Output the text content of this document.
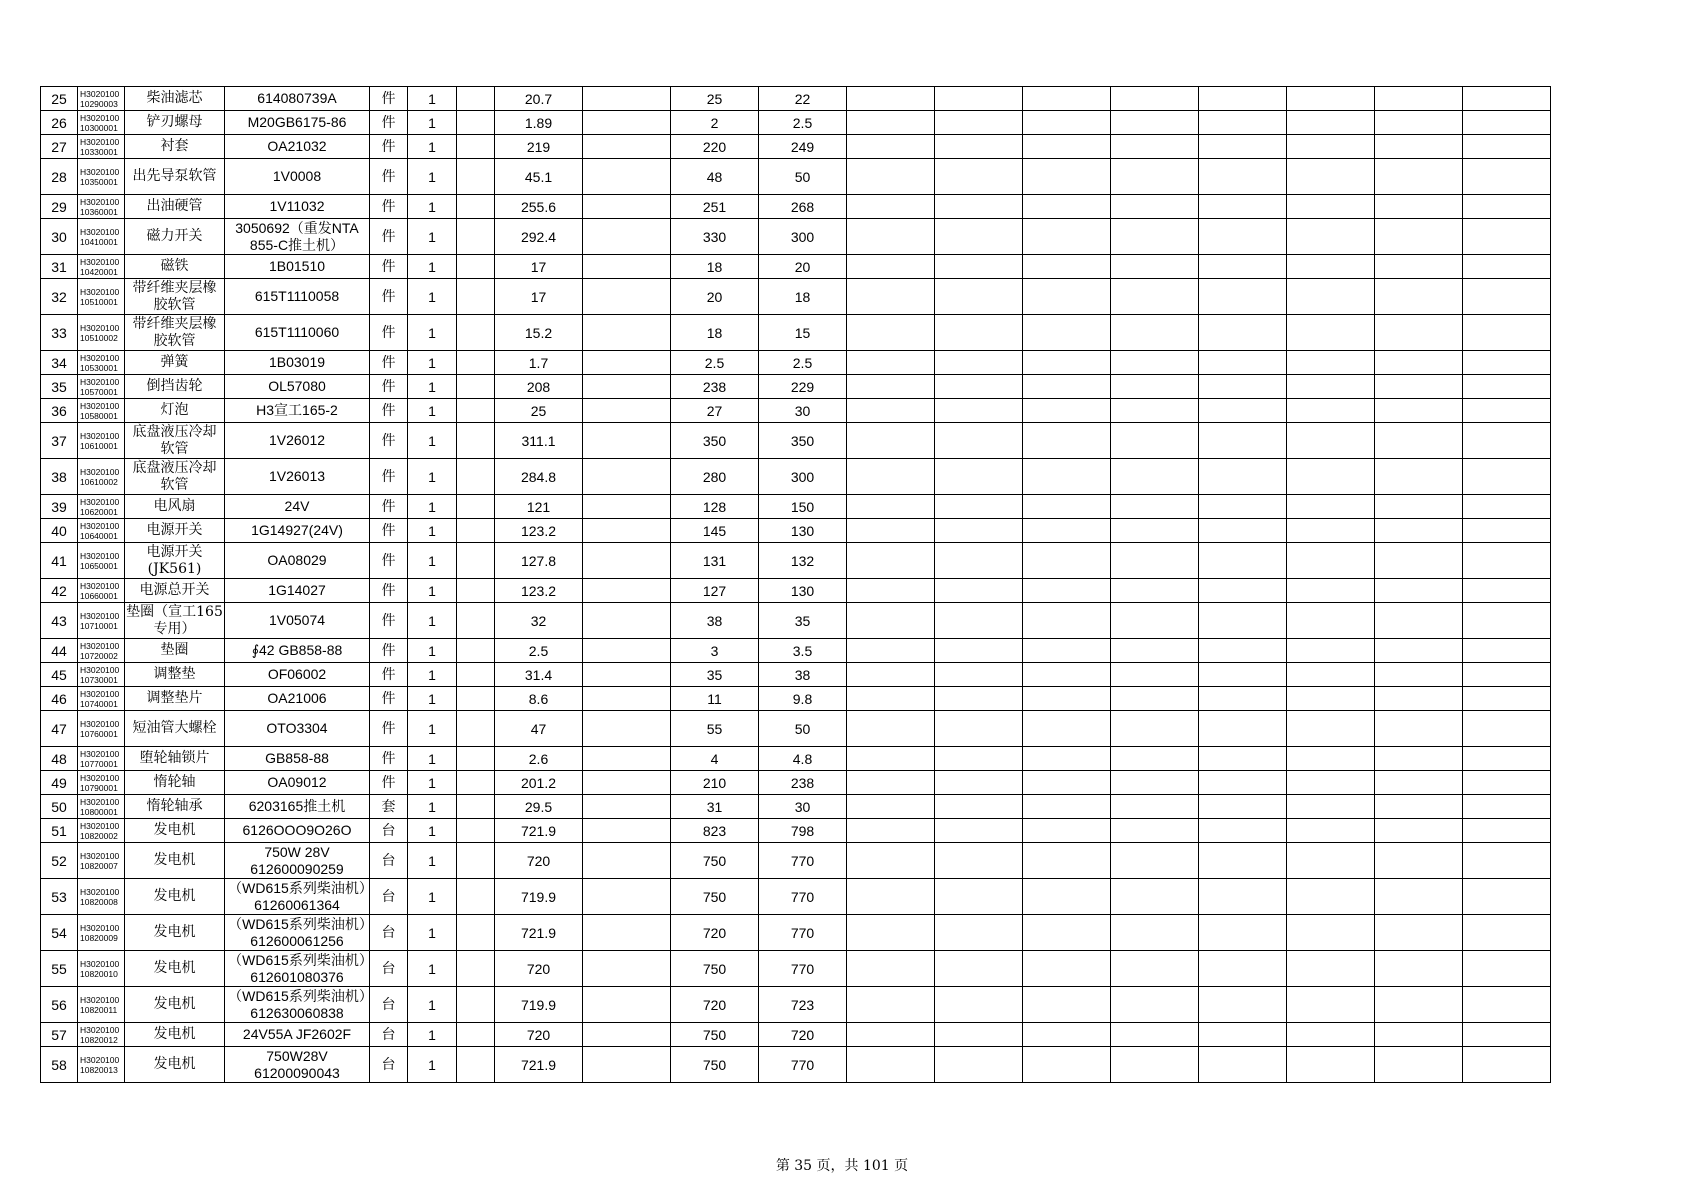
25	H3020100 10290003	柴油滤芯	614080739A	件	1		20.7		25	22								
26	H3020100 10300001	铲刃螺母	M20GB6175-86	件	1		1.89		2	2.5								
27	H3020100 10330001	衬套	OA21032	件	1		219		220	249								
28	H3020100 10350001	出先导泵软管	1V0008	件	1		45.1		48	50								
29	H3020100 10360001	出油硬管	1V11032	件	1		255.6		251	268								
30	H3020100 10410001	磁力开关	3050692（重发NTA 855-C推土机）	件	1		292.4		330	300								
31	H3020100 10420001	磁铁	1B01510	件	1		17		18	20								
32	H3020100 10510001	带纤维夹层橡胶软管	615T1110058	件	1		17		20	18								
33	H3020100 10510002	带纤维夹层橡胶软管	615T1110060	件	1		15.2		18	15								
34	H3020100 10530001	弹簧	1B03019	件	1		1.7		2.5	2.5								
35	H3020100 10570001	倒挡齿轮	OL57080	件	1		208		238	229								
36	H3020100 10580001	灯泡	H3宣工165-2	件	1		25		27	30								
37	H3020100 10610001	底盘液压冷却软管	1V26012	件	1		311.1		350	350								
38	H3020100 10610002	底盘液压冷却软管	1V26013	件	1		284.8		280	300								
39	H3020100 10620001	电风扇	24V	件	1		121		128	150								
40	H3020100 10640001	电源开关	1G14927(24V)	件	1		123.2		145	130								
41	H3020100 10650001	电源开关(JK561)	OA08029	件	1		127.8		131	132								
42	H3020100 10660001	电源总开关	1G14027	件	1		123.2		127	130								
43	H3020100 10710001	垫圈（宣工165专用）	1V05074	件	1		32		38	35								
44	H3020100 10720002	垫圈	∮42 GB858-88	件	1		2.5		3	3.5								
45	H3020100 10730001	调整垫	OF06002	件	1		31.4		35	38								
46	H3020100 10740001	调整垫片	OA21006	件	1		8.6		11	9.8								
47	H3020100 10760001	短油管大螺栓	OTO3304	件	1		47		55	50								
48	H3020100 10770001	堕轮轴锁片	GB858-88	件	1		2.6		4	4.8								
49	H3020100 10790001	惰轮轴	OA09012	件	1		201.2		210	238								
50	H3020100 10800001	惰轮轴承	6203165推土机	套	1		29.5		31	30								
51	H3020100 10820002	发电机	6126OOO9O26O	台	1		721.9		823	798								
52	H3020100 10820007	发电机	750W 28V 612600090259	台	1		720		750	770								
53	H3020100 10820008	发电机	（WD615系列柴油机）61260061364	台	1		719.9		750	770								
54	H3020100 10820009	发电机	（WD615系列柴油机）612600061256	台	1		721.9		720	770								
55	H3020100 10820010	发电机	（WD615系列柴油机）612601080376	台	1		720		750	770								
56	H3020100 10820011	发电机	（WD615系列柴油机）612630060838	台	1		719.9		720	723								
57	H3020100 10820012	发电机	24V55A JF2602F	台	1		720		750	720								
58	H3020100 10820013	发电机	750W28V 61200090043	台	1		721.9		750	770								
第 35 页，共 101 页
